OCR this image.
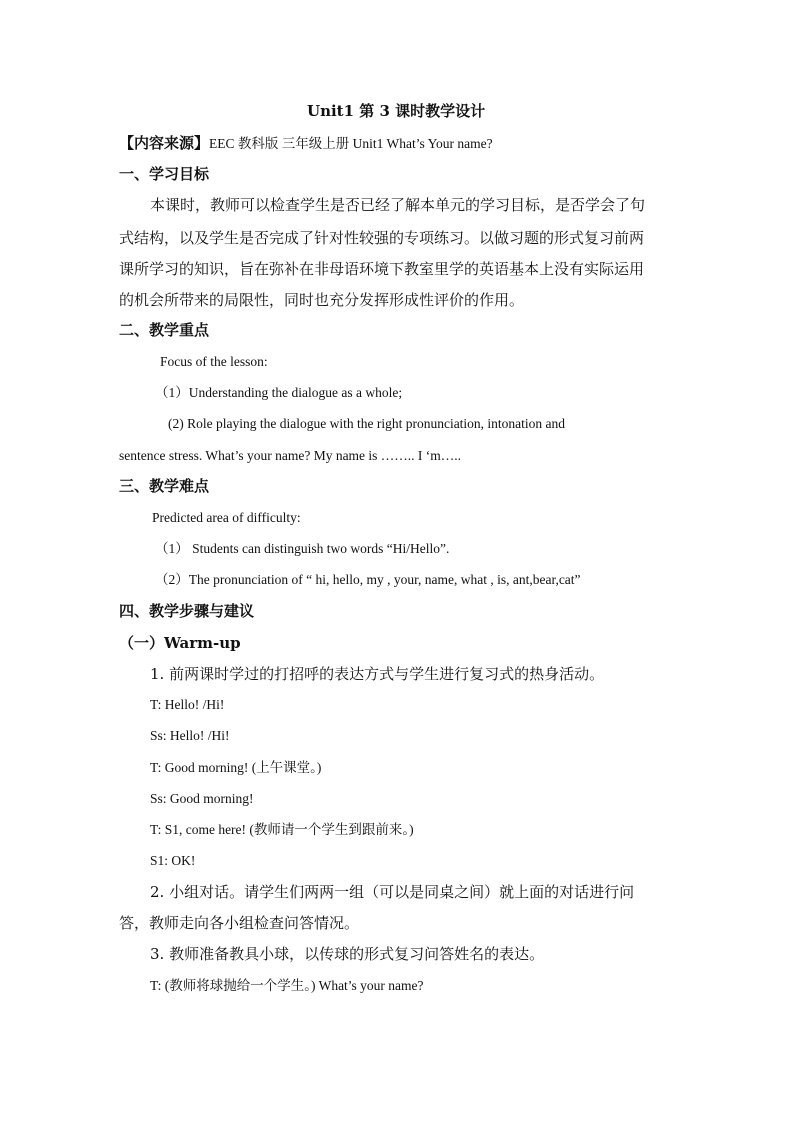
Unit1 第 3 课时教学设计
【内容来源】EEC 教科版 三年级上册 Unit1 What’s Your name?
一、学习目标
本课时，教师可以检查学生是否已经了解本单元的学习目标，是否学会了句
式结构，以及学生是否完成了针对性较强的专项练习。以做习题的形式复习前两
课所学习的知识，旨在弥补在非母语环境下教室里学的英语基本上没有实际运用
的机会所带来的局限性，同时也充分发挥形成性评价的作用。
二、教学重点
Focus of the lesson:
（1）Understanding the dialogue as a whole;
(2) Role playing the dialogue with the right pronunciation, intonation and
sentence stress. What’s your name? My name is …….. I ‘m…..
三、教学难点
Predicted area of difficulty:
（1） Students can distinguish two words “Hi/Hello”.
（2）The pronunciation of “ hi, hello, my , your, name, what , is, ant,bear,cat”
四、教学步骤与建议
（一）Warm-up
1. 前两课时学过的打招呼的表达方式与学生进行复习式的热身活动。
T: Hello! /Hi!
Ss: Hello! /Hi!
T: Good morning! (上午课堂。)
Ss: Good morning!
T: S1, come here! (教师请一个学生到跟前来。)
S1: OK!
2. 小组对话。请学生们两两一组（可以是同桌之间）就上面的对话进行问
答，教师走向各小组检查问答情况。
3. 教师准备教具小球，以传球的形式复习问答姓名的表达。
T: (教师将球抛给一个学生。) What’s your name?
